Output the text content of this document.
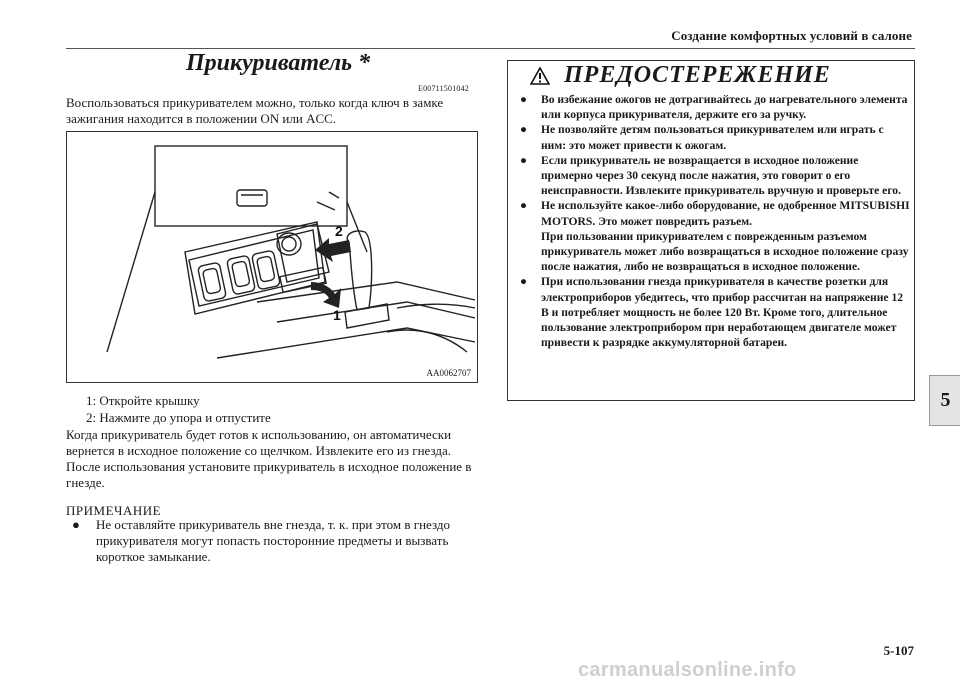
Создание комфортных условий в салоне
Прикуриватель *
E00711501042
Воспользоваться прикуривателем можно, только когда ключ в замке зажигания находится в положении ON или ACC.
2
1
AA0062707
1: Откройте крышку
2: Нажмите до упора и отпустите
Когда прикуриватель будет готов к использованию, он автоматически вернется в исходное положение со щелчком. Извлеките его из гнезда. После использования установите прикуриватель в исходное положение в гнезде.
ПРИМЕЧАНИЕ
● Не оставляйте прикуриватель вне гнезда, т. к. при этом в гнездо прикуривателя могут попасть посторонние предметы и вызвать короткое замыкание.
ПРЕДОСТЕРЕЖЕНИЕ
● Во избежание ожогов не дотрагивайтесь до нагревательного элемента или корпуса прикуривателя, держите его за ручку.
● Не позволяйте детям пользоваться прикуривателем или играть с ним: это может привести к ожогам.
● Если прикуриватель не возвращается в исходное положение примерно через 30 секунд после нажатия, это говорит о его неисправности. Извлеките прикуриватель вручную и проверьте его.
● Не используйте какое-либо оборудование, не одобренное MITSUBISHI MOTORS. Это может повредить разъем.
При пользовании прикуривателем с поврежденным разъемом прикуриватель может либо возвращаться в исходное положение сразу после нажатия, либо не возвращаться в исходное положение.
● При использовании гнезда прикуривателя в качестве розетки для электроприборов убедитесь, что прибор рассчитан на напряжение 12 В и потребляет мощность не более 120 Вт. Кроме того, длительное пользование электроприбором при неработающем двигателе может привести к разрядке аккумуляторной батареи.
5
5-107
carmanualsonline.info
